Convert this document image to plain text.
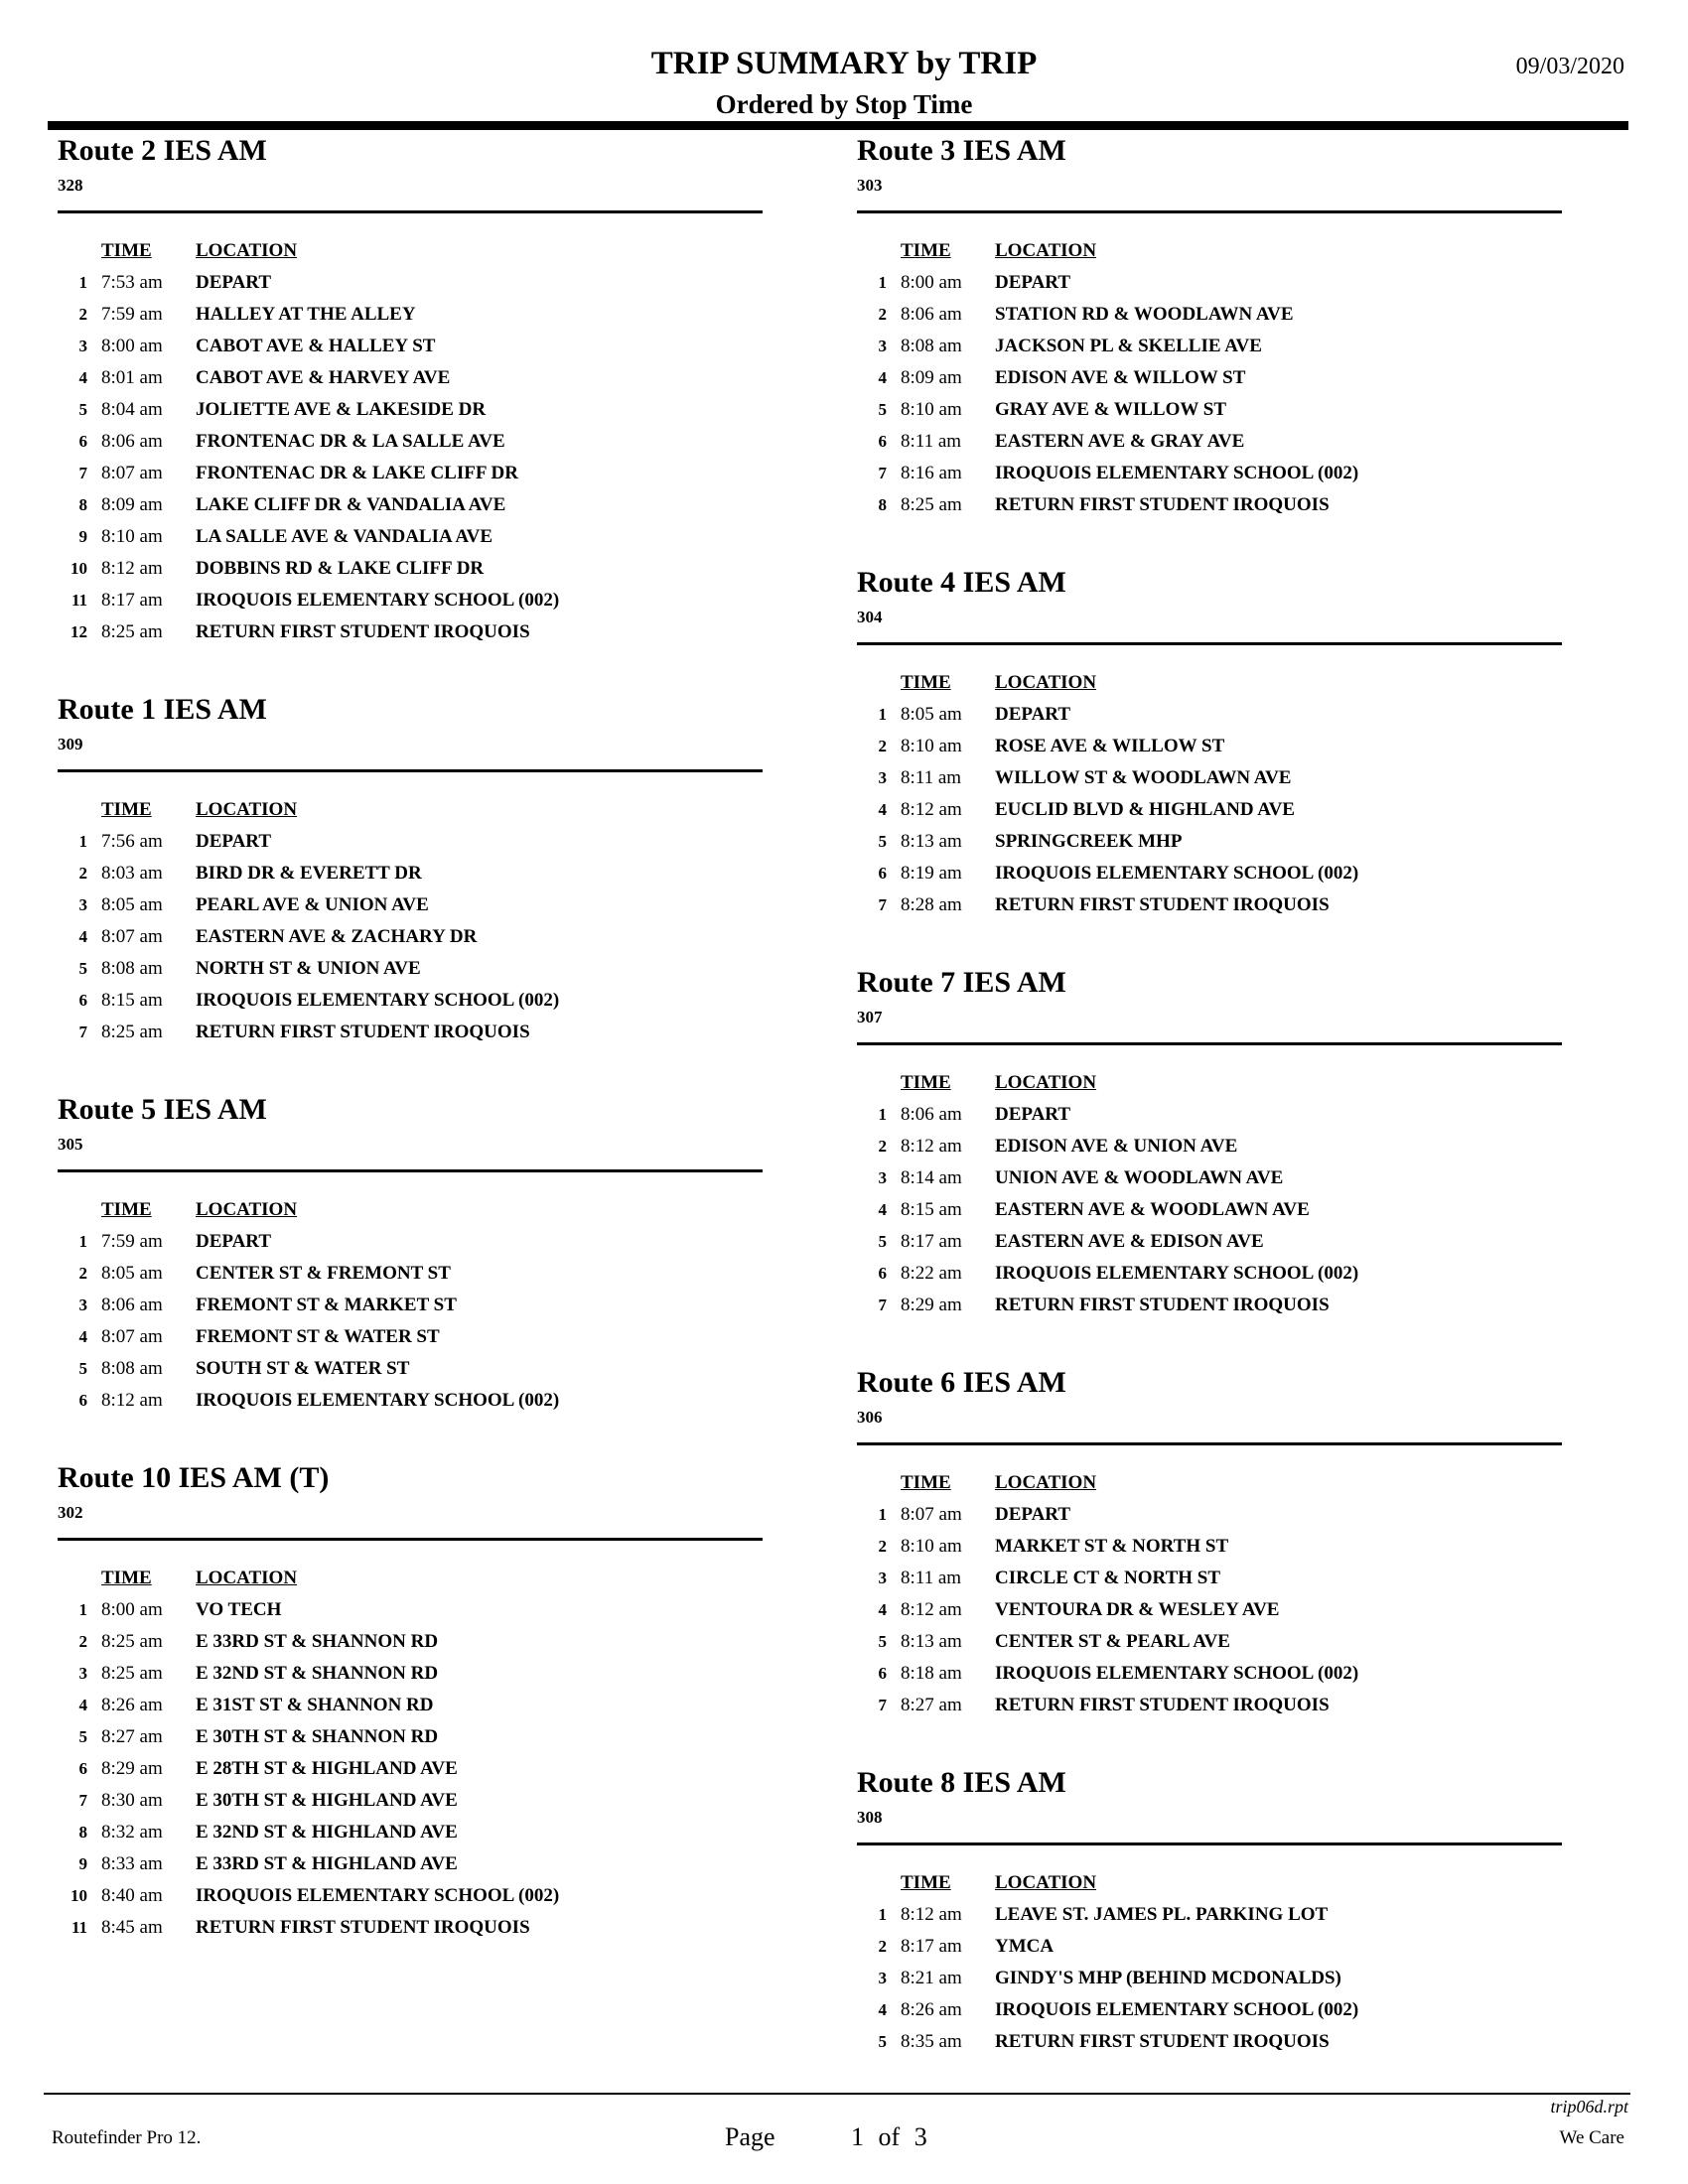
TRIP SUMMARY by TRIP
Ordered by Stop Time
09/03/2020
Route 2 IES AM
328
TIME	LOCATION
1 7:53 am	DEPART
2 7:59 am	HALLEY AT THE ALLEY
3 8:00 am	CABOT AVE & HALLEY ST
4 8:01 am	CABOT AVE & HARVEY AVE
5 8:04 am	JOLIETTE AVE & LAKESIDE DR
6 8:06 am	FRONTENAC DR & LA SALLE AVE
7 8:07 am	FRONTENAC DR & LAKE CLIFF DR
8 8:09 am	LAKE CLIFF DR & VANDALIA AVE
9 8:10 am	LA SALLE AVE & VANDALIA AVE
10 8:12 am	DOBBINS RD & LAKE CLIFF DR
11 8:17 am	IROQUOIS ELEMENTARY SCHOOL (002)
12 8:25 am	RETURN FIRST STUDENT IROQUOIS
Route 1 IES AM
309
TIME	LOCATION
1 7:56 am	DEPART
2 8:03 am	BIRD DR & EVERETT DR
3 8:05 am	PEARL AVE & UNION AVE
4 8:07 am	EASTERN AVE & ZACHARY DR
5 8:08 am	NORTH ST & UNION AVE
6 8:15 am	IROQUOIS ELEMENTARY SCHOOL (002)
7 8:25 am	RETURN FIRST STUDENT IROQUOIS
Route 5 IES AM
305
TIME	LOCATION
1 7:59 am	DEPART
2 8:05 am	CENTER ST & FREMONT ST
3 8:06 am	FREMONT ST & MARKET ST
4 8:07 am	FREMONT ST & WATER ST
5 8:08 am	SOUTH ST & WATER ST
6 8:12 am	IROQUOIS ELEMENTARY SCHOOL (002)
Route 10 IES AM (T)
302
TIME	LOCATION
1 8:00 am	VO TECH
2 8:25 am	E 33RD ST & SHANNON RD
3 8:25 am	E 32ND ST & SHANNON RD
4 8:26 am	E 31ST ST & SHANNON RD
5 8:27 am	E 30TH ST & SHANNON RD
6 8:29 am	E 28TH ST & HIGHLAND AVE
7 8:30 am	E 30TH ST & HIGHLAND AVE
8 8:32 am	E 32ND ST & HIGHLAND AVE
9 8:33 am	E 33RD ST & HIGHLAND AVE
10 8:40 am	IROQUOIS ELEMENTARY SCHOOL (002)
11 8:45 am	RETURN FIRST STUDENT IROQUOIS
Route 3 IES AM
303
TIME	LOCATION
1 8:00 am	DEPART
2 8:06 am	STATION RD & WOODLAWN AVE
3 8:08 am	JACKSON PL & SKELLIE AVE
4 8:09 am	EDISON AVE & WILLOW ST
5 8:10 am	GRAY AVE & WILLOW ST
6 8:11 am	EASTERN AVE & GRAY AVE
7 8:16 am	IROQUOIS ELEMENTARY SCHOOL (002)
8 8:25 am	RETURN FIRST STUDENT IROQUOIS
Route 4 IES AM
304
TIME	LOCATION
1 8:05 am	DEPART
2 8:10 am	ROSE AVE & WILLOW ST
3 8:11 am	WILLOW ST & WOODLAWN AVE
4 8:12 am	EUCLID BLVD & HIGHLAND AVE
5 8:13 am	SPRINGCREEK MHP
6 8:19 am	IROQUOIS ELEMENTARY SCHOOL (002)
7 8:28 am	RETURN FIRST STUDENT IROQUOIS
Route 7 IES AM
307
TIME	LOCATION
1 8:06 am	DEPART
2 8:12 am	EDISON AVE & UNION AVE
3 8:14 am	UNION AVE & WOODLAWN AVE
4 8:15 am	EASTERN AVE & WOODLAWN AVE
5 8:17 am	EASTERN AVE & EDISON AVE
6 8:22 am	IROQUOIS ELEMENTARY SCHOOL (002)
7 8:29 am	RETURN FIRST STUDENT IROQUOIS
Route 6 IES AM
306
TIME	LOCATION
1 8:07 am	DEPART
2 8:10 am	MARKET ST & NORTH ST
3 8:11 am	CIRCLE CT & NORTH ST
4 8:12 am	VENTOURA DR & WESLEY AVE
5 8:13 am	CENTER ST & PEARL AVE
6 8:18 am	IROQUOIS ELEMENTARY SCHOOL (002)
7 8:27 am	RETURN FIRST STUDENT IROQUOIS
Route 8 IES AM
308
TIME	LOCATION
1 8:12 am	LEAVE ST. JAMES PL. PARKING LOT
2 8:17 am	YMCA
3 8:21 am	GINDY'S MHP (BEHIND MCDONALDS)
4 8:26 am	IROQUOIS ELEMENTARY SCHOOL (002)
5 8:35 am	RETURN FIRST STUDENT IROQUOIS
trip06d.rpt
Routefinder Pro 12.	Page	1 of 3	We Care
